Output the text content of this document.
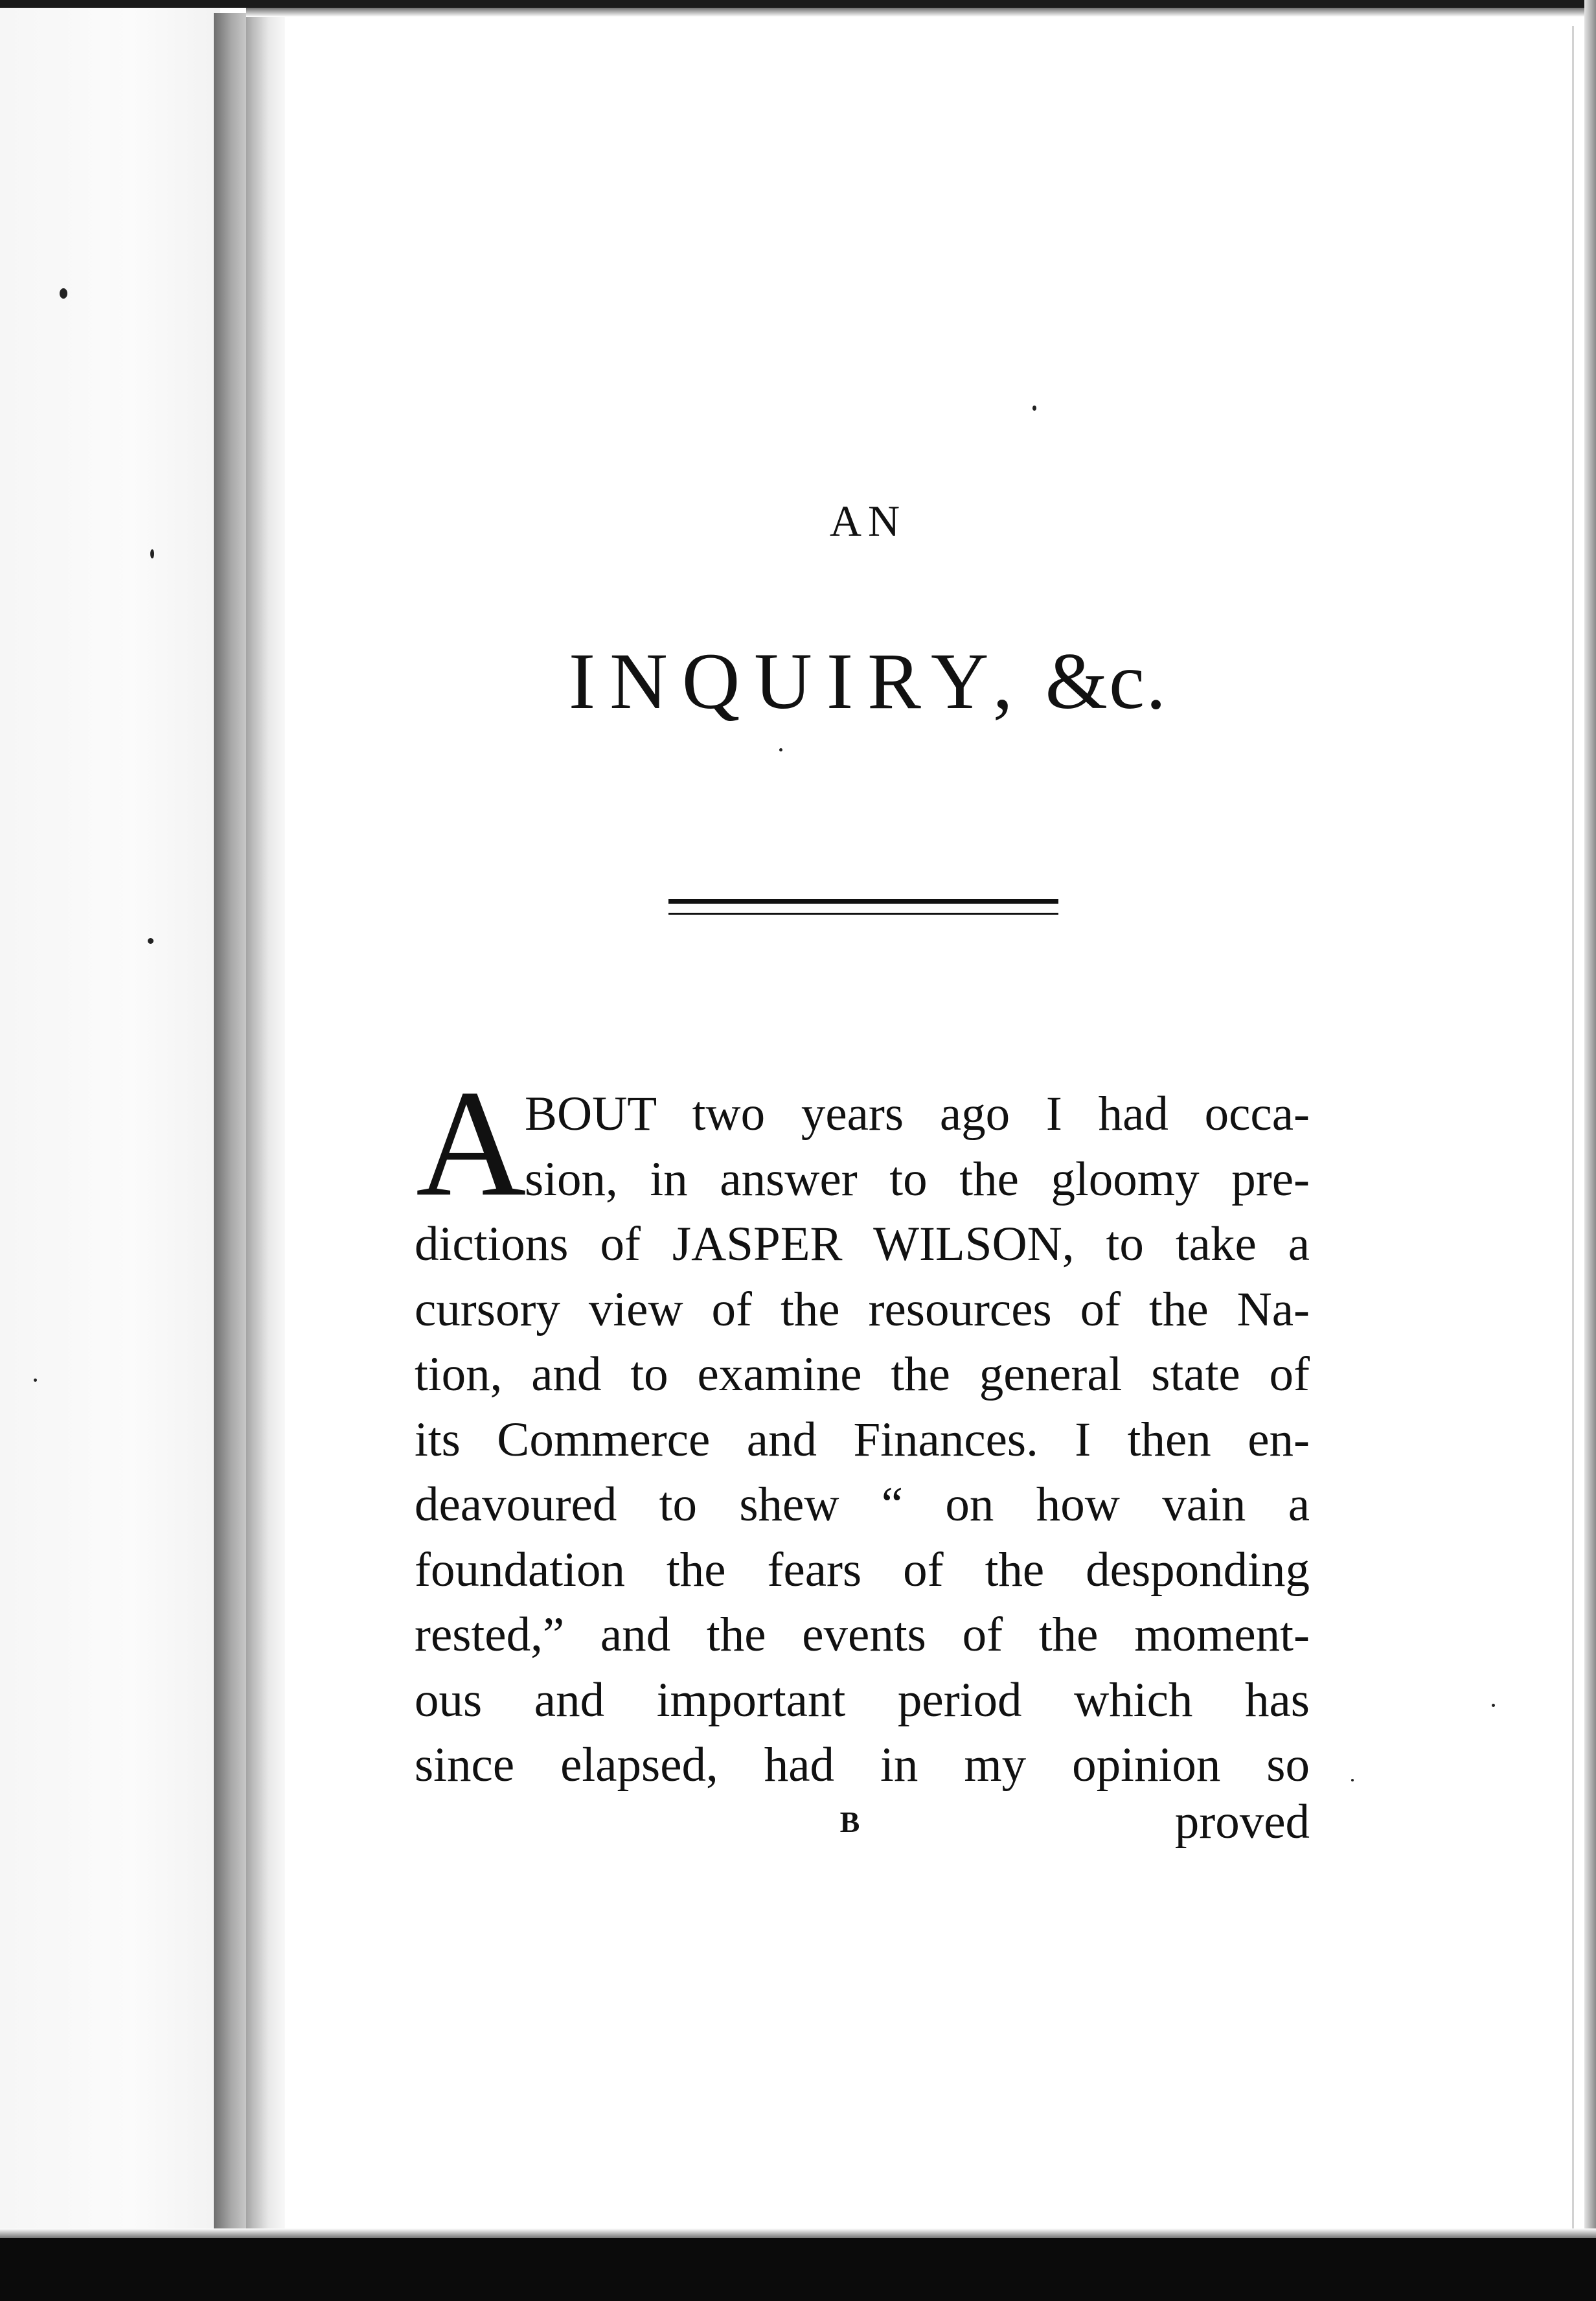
AN
INQUIRY, &c.
A
BOUT two years ago I had occa-
sion, in answer to the gloomy pre-
dictions of JASPER WILSON, to take a
cursory view of the resources of the Na-
tion, and to examine the general state of
its Commerce and Finances. I then en-
deavoured to shew “ on how vain a
foundation the fears of the desponding
rested,” and the events of the moment-
ous and important period which has
since elapsed, had in my opinion so
B	proved
